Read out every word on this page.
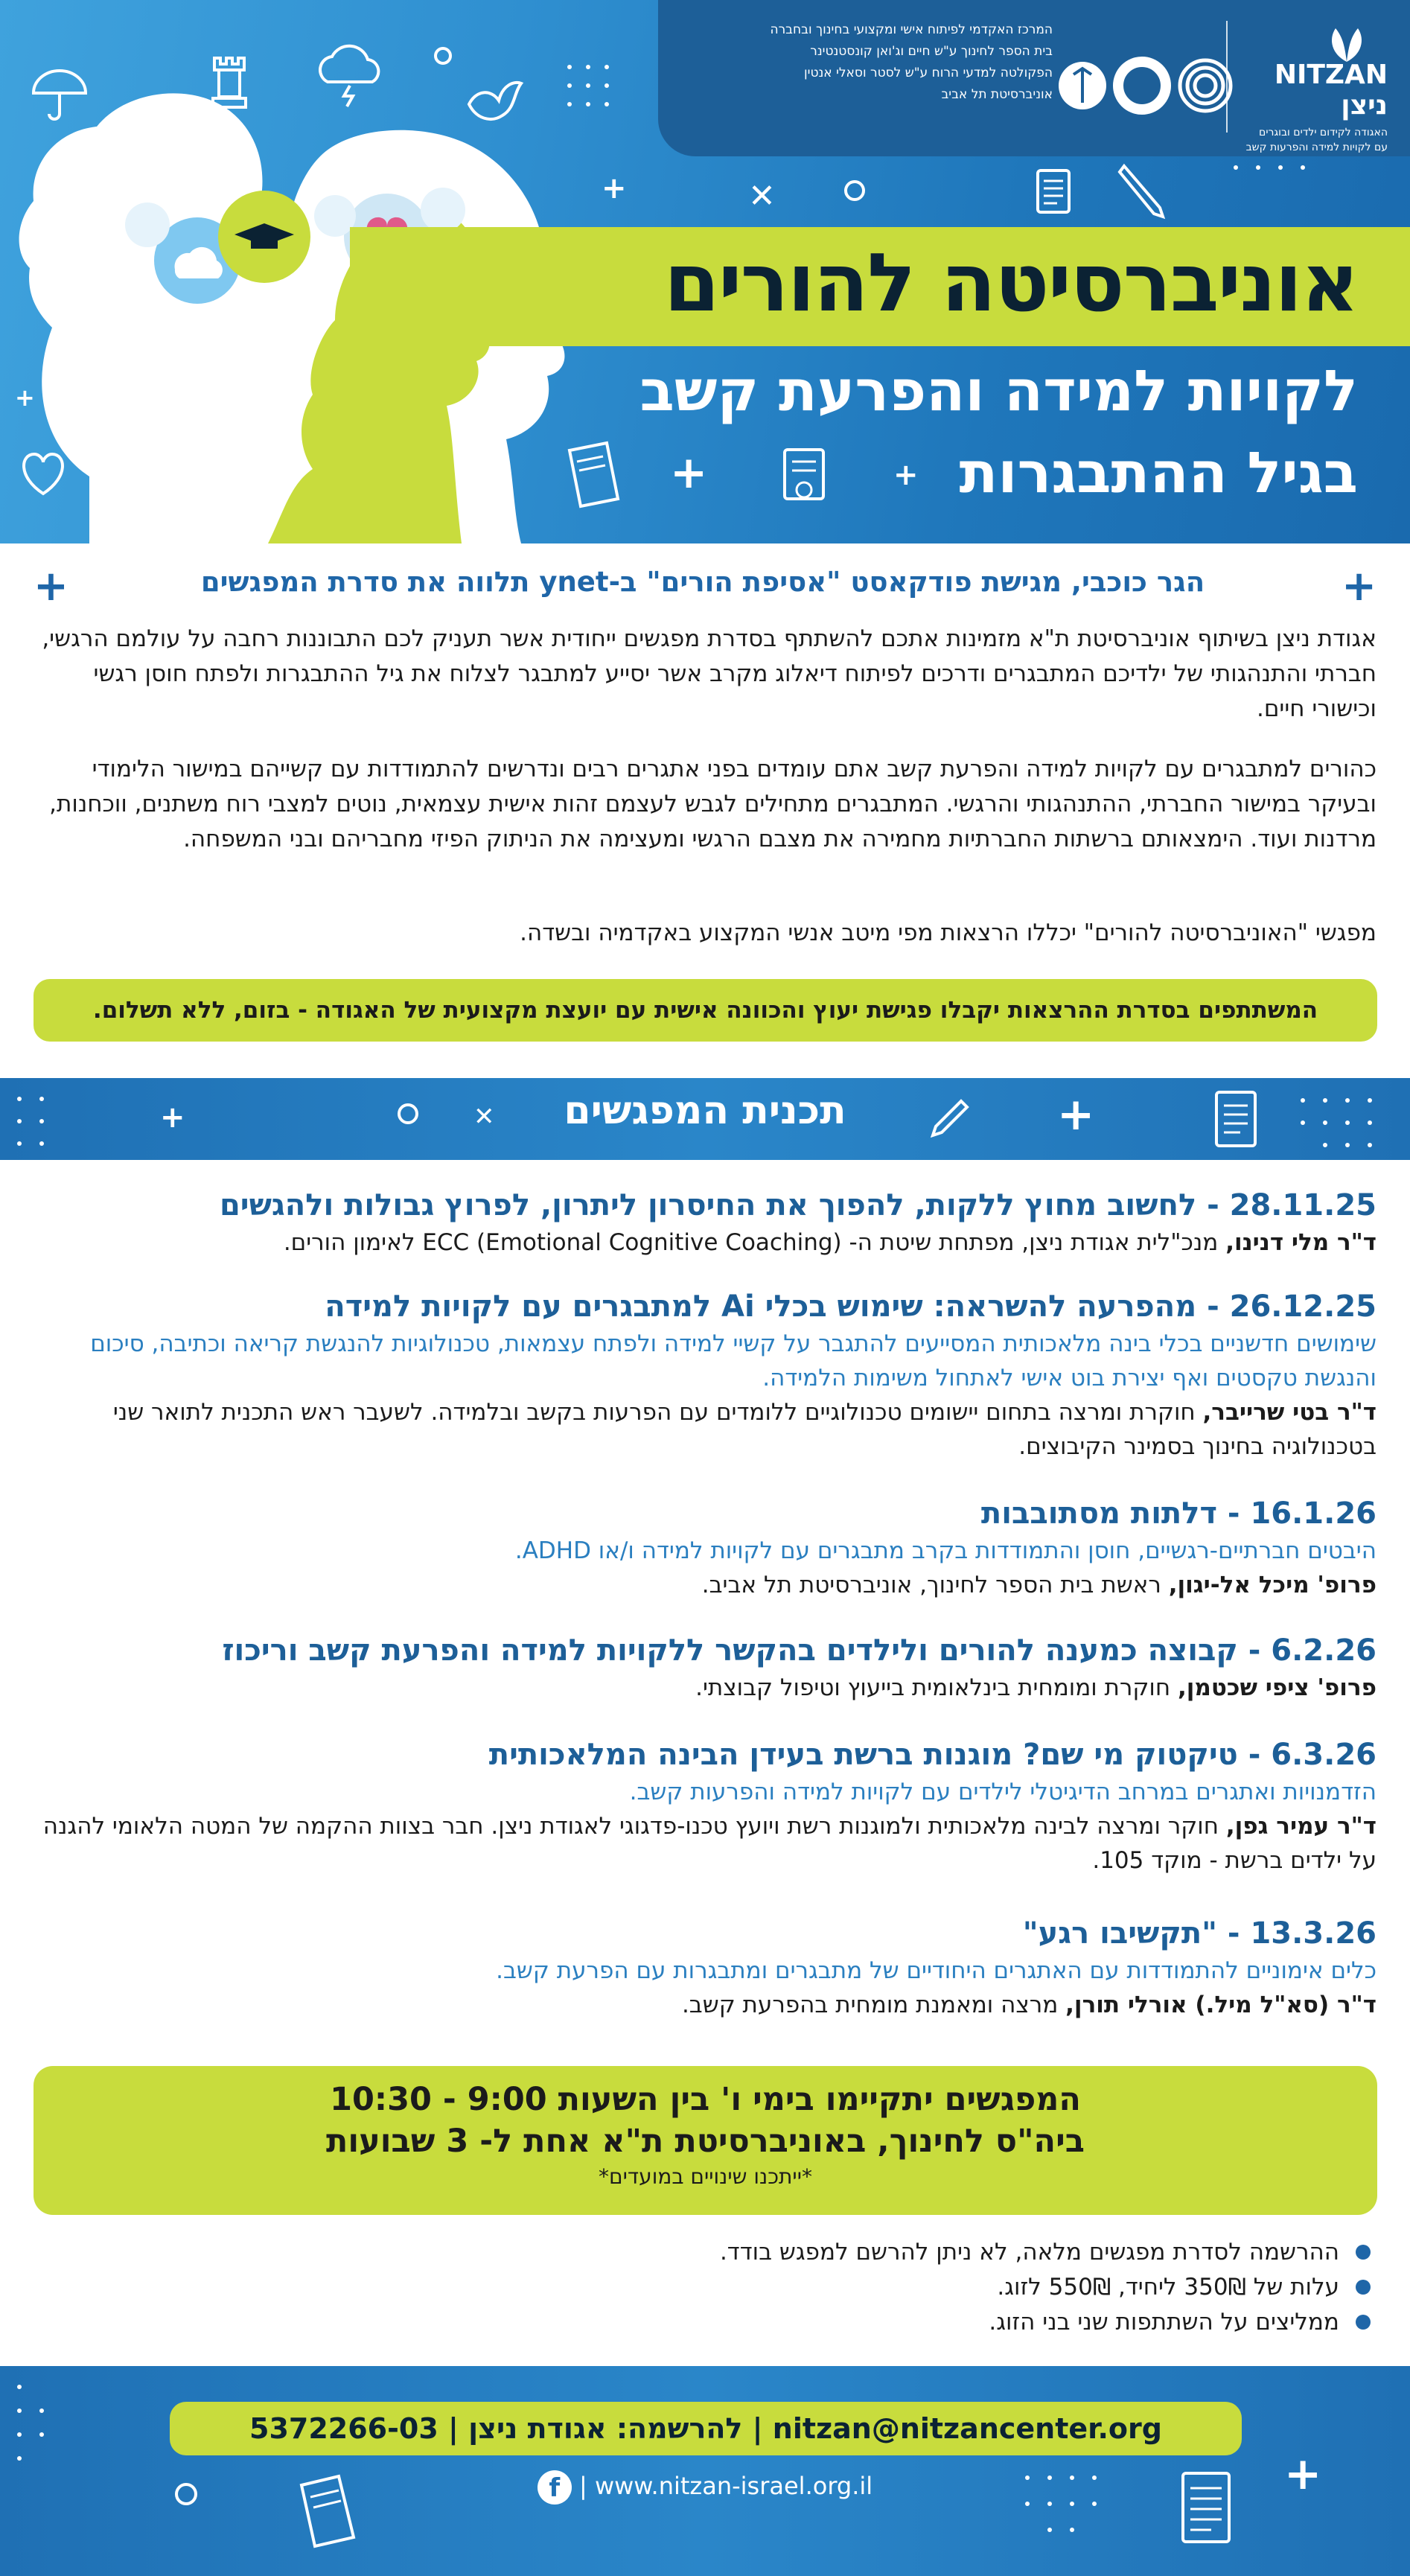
+	✕
+
+	+
אוניברסיטה להורים
לקויות למידה והפרעת קשב
בגיל ההתבגרות
המרכז האקדמי לפיתוח אישי ומקצועי בחינוך ובחברה
בית הספר לחינוך ע"ש חיים וג'ואן קונסטנטינר
הפקולטה למדעי הרוח ע"ש לסטר וסאלי אנטין
אוניברסיטת תל אביב
NITZAN ניצן
האגודה לקידום ילדים ובוגרים
עם לקויות למידה והפרעות קשב
+	+
הגר כוכבי, מגישת פודקאסט "אסיפת הורים" ב-ynet תלווה את סדרת המפגשים
אגודת ניצן בשיתוף אוניברסיטת ת"א מזמינות אתכם להשתתף בסדרת מפגשים ייחודית אשר תעניק לכם התבוננות רחבה על עולמם הרגשי, חברתי והתנהגותי של ילדיכם המתבגרים ודרכים לפיתוח דיאלוג מקרב אשר יסייע למתבגר לצלוח את גיל ההתבגרות ולפתח חוסן רגשי וכישורי חיים.
כהורים למתבגרים עם לקויות למידה והפרעת קשב אתם עומדים בפני אתגרים רבים ונדרשים להתמודדות עם קשייהם במישור הלימודי ובעיקר במישור החברתי, ההתנהגותי והרגשי. המתבגרים מתחילים לגבש לעצמם זהות אישית עצמאית, נוטים למצבי רוח משתנים, ווכחנות, מרדנות ועוד. הימצאותם ברשתות החברתיות מחמירה את מצבם הרגשי ומעצימה את הניתוק הפיזי מחבריהם ובני המשפחה.
מפגשי "האוניברסיטה להורים" יכללו הרצאות מפי מיטב אנשי המקצוע באקדמיה ובשדה.
המשתתפים בסדרת ההרצאות יקבלו פגישת יעוץ והכוונה אישית עם יועצת מקצועית של האגודה - בזום, ללא תשלום.
+	✕	תכנית המפגשים	+
28.11.25 - לחשוב מחוץ ללקות, להפוך את החיסרון ליתרון, לפרוץ גבולות ולהגשים
ד"ר מלי דנינו, מנכ"לית אגודת ניצן, מפתחת שיטת ה- ECC (Emotional Cognitive Coaching) לאימון הורים.
26.12.25 - מהפרעה להשראה: שימוש בכלי Ai למתבגרים עם לקויות למידה
שימושים חדשניים בכלי בינה מלאכותית המסייעים להתגבר על קשיי למידה ולפתח עצמאות, טכנולוגיות להנגשת קריאה וכתיבה, סיכום והנגשת טקסטים ואף יצירת בוט אישי לאתחול משימות הלמידה.
ד"ר בטי שרייבר, חוקרת ומרצה בתחום יישומים טכנולוגיים ללומדים עם הפרעות בקשב ובלמידה. לשעבר ראש התכנית לתואר שני בטכנולוגיה בחינוך בסמינר הקיבוצים.
16.1.26 - דלתות מסתובבות
היבטים חברתיים-רגשיים, חוסן והתמודדות בקרב מתבגרים עם לקויות למידה ו/או ADHD.
פרופ' מיכל אל-יגון, ראשת בית הספר לחינוך, אוניברסיטת תל אביב.
6.2.26 - קבוצה כמענה להורים ולילדים בהקשר ללקויות למידה והפרעת קשב וריכוז
פרופ' ציפי שכטמן, חוקרת ומומחית בינלאומית בייעוץ וטיפול קבוצתי.
6.3.26 - טיקטוק מי שם? מוגנות ברשת בעידן הבינה המלאכותית
הזדמנויות ואתגרים במרחב הדיגיטלי לילדים עם לקויות למידה והפרעות קשב.
ד"ר עמיר גפן, חוקר ומרצה לבינה מלאכותית ולמוגנות רשת ויועץ טכנו-פדגוגי לאגודת ניצן. חבר בצוות ההקמה של המטה הלאומי להגנה על ילדים ברשת - מוקד 105.
13.3.26 - "תקשיבו רגע"
כלים אימוניים להתמודדות עם האתגרים היחודיים של מתבגרים ומתבגרות עם הפרעת קשב.
ד"ר (סא"ל מיל.) אורלי תורן, מרצה ומאמנת מומחית בהפרעת קשב.
המפגשים יתקיימו בימי ו' בין השעות 9:00 - 10:30
ביה"ס לחינוך, באוניברסיטת ת"א אחת ל- 3 שבועות
*ייתכנו שינויים במועדים*
ההרשמה לסדרת מפגשים מלאה, לא ניתן להרשם למפגש בודד.
עלות של 350₪ ליחיד, 550₪ לזוג.
ממליצים על השתתפות שני בני הזוג.
להרשמה: אגודת ניצן | 5372266-03 | nitzan@nitzancenter.org
f | www.nitzan-israel.org.il	+
